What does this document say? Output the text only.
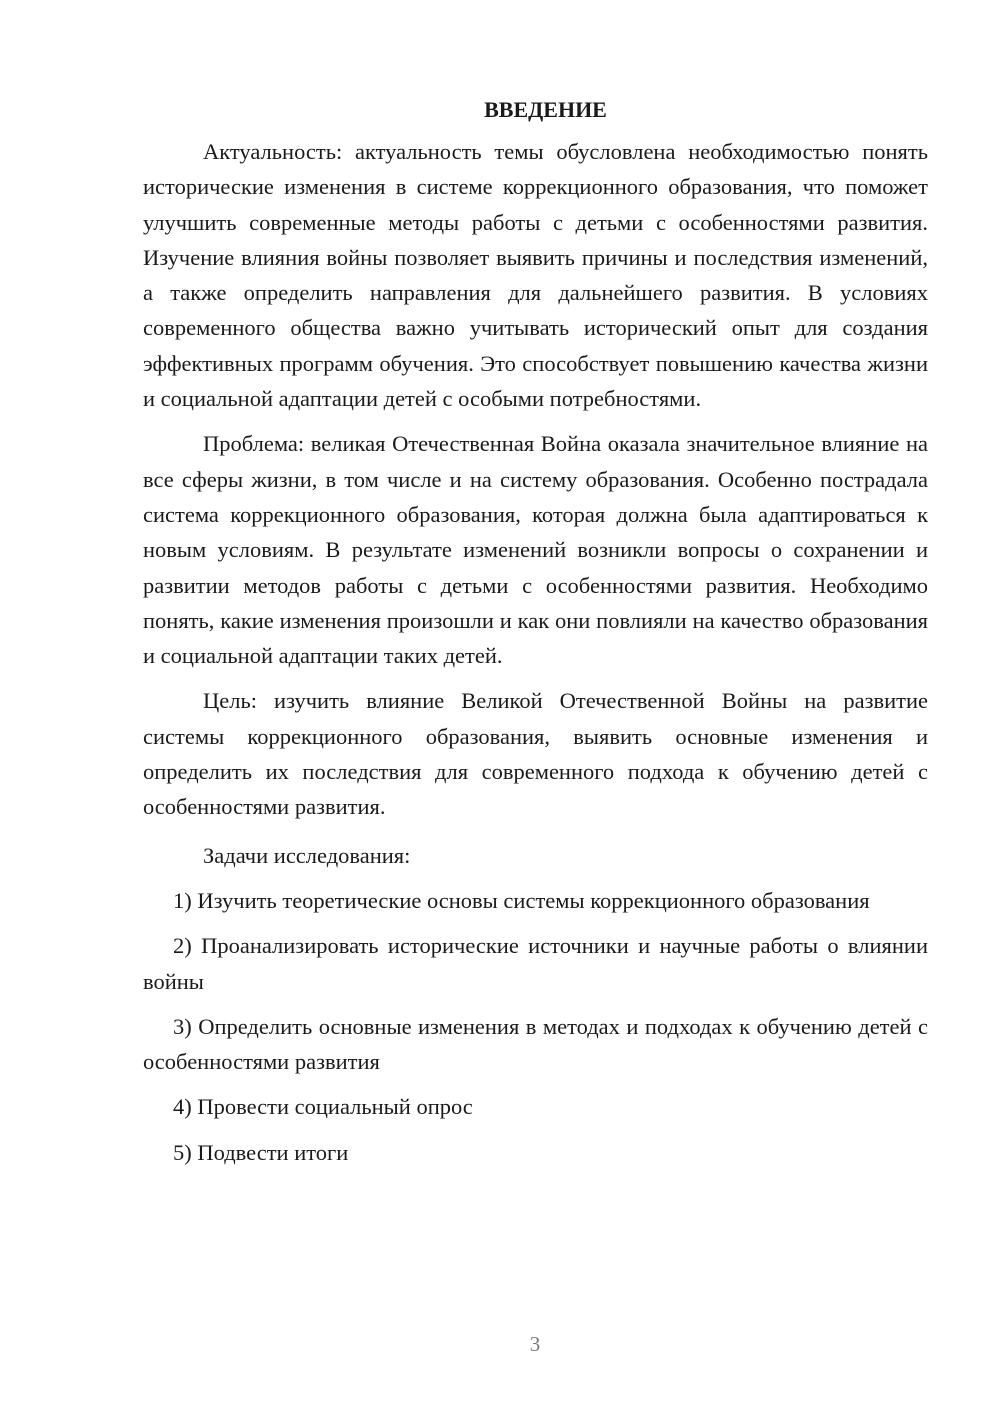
ВВЕДЕНИЕ

Актуальность: актуальность темы обусловлена необходимостью понять исторические изменения в системе коррекционного образования, что поможет улучшить современные методы работы с детьми с особенностями развития. Изучение влияния войны позволяет выявить причины и последствия изменений, а также определить направления для дальнейшего развития. В условиях современного общества важно учитывать исторический опыт для создания эффективных программ обучения. Это способствует повышению качества жизни и социальной адаптации детей с особыми потребностями.

Проблема: великая Отечественная Война оказала значительное влияние на все сферы жизни, в том числе и на систему образования. Особенно пострадала система коррекционного образования, которая должна была адаптироваться к новым условиям. В результате изменений возникли вопросы о сохранении и развитии методов работы с детьми с особенностями развития. Необходимо понять, какие изменения произошли и как они повлияли на качество образования и социальной адаптации таких детей.

Цель: изучить влияние Великой Отечественной Войны на развитие системы коррекционного образования, выявить основные изменения и определить их последствия для современного подхода к обучению детей с особенностями развития.

Задачи исследования:

1) Изучить теоретические основы системы коррекционного образования

2) Проанализировать исторические источники и научные работы о влиянии войны

3) Определить основные изменения в методах и подходах к обучению детей с особенностями развития

4) Провести социальный опрос

5) Подвести итоги

3
